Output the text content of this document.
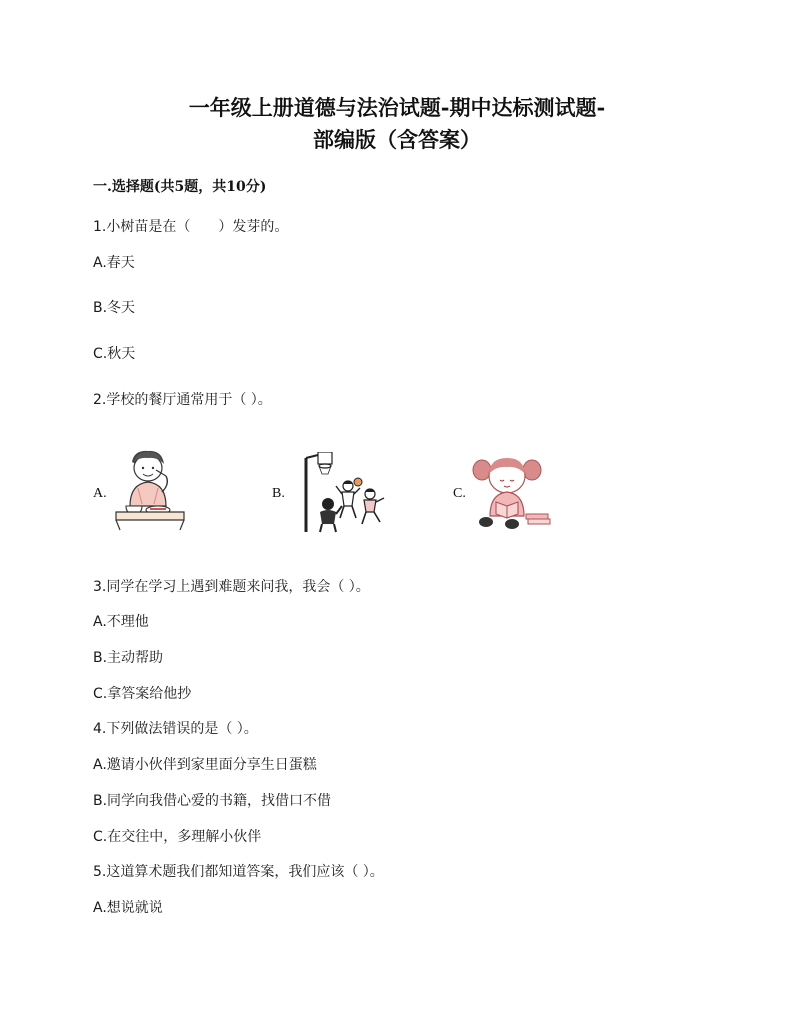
一年级上册道德与法治试题-期中达标测试题-
部编版（含答案）
一.选择题(共5题，共10分)
1.小树苗是在（　　）发芽的。
A.春天
B.冬天
C.秋天
2.学校的餐厅通常用于（ ）。
A.	B.	C.
3.同学在学习上遇到难题来问我，我会（ ）。
A.不理他
B.主动帮助
C.拿答案给他抄
4.下列做法错误的是（ ）。
A.邀请小伙伴到家里面分享生日蛋糕
B.同学向我借心爱的书籍，找借口不借
C.在交往中，多理解小伙伴
5.这道算术题我们都知道答案，我们应该（ ）。
A.想说就说
